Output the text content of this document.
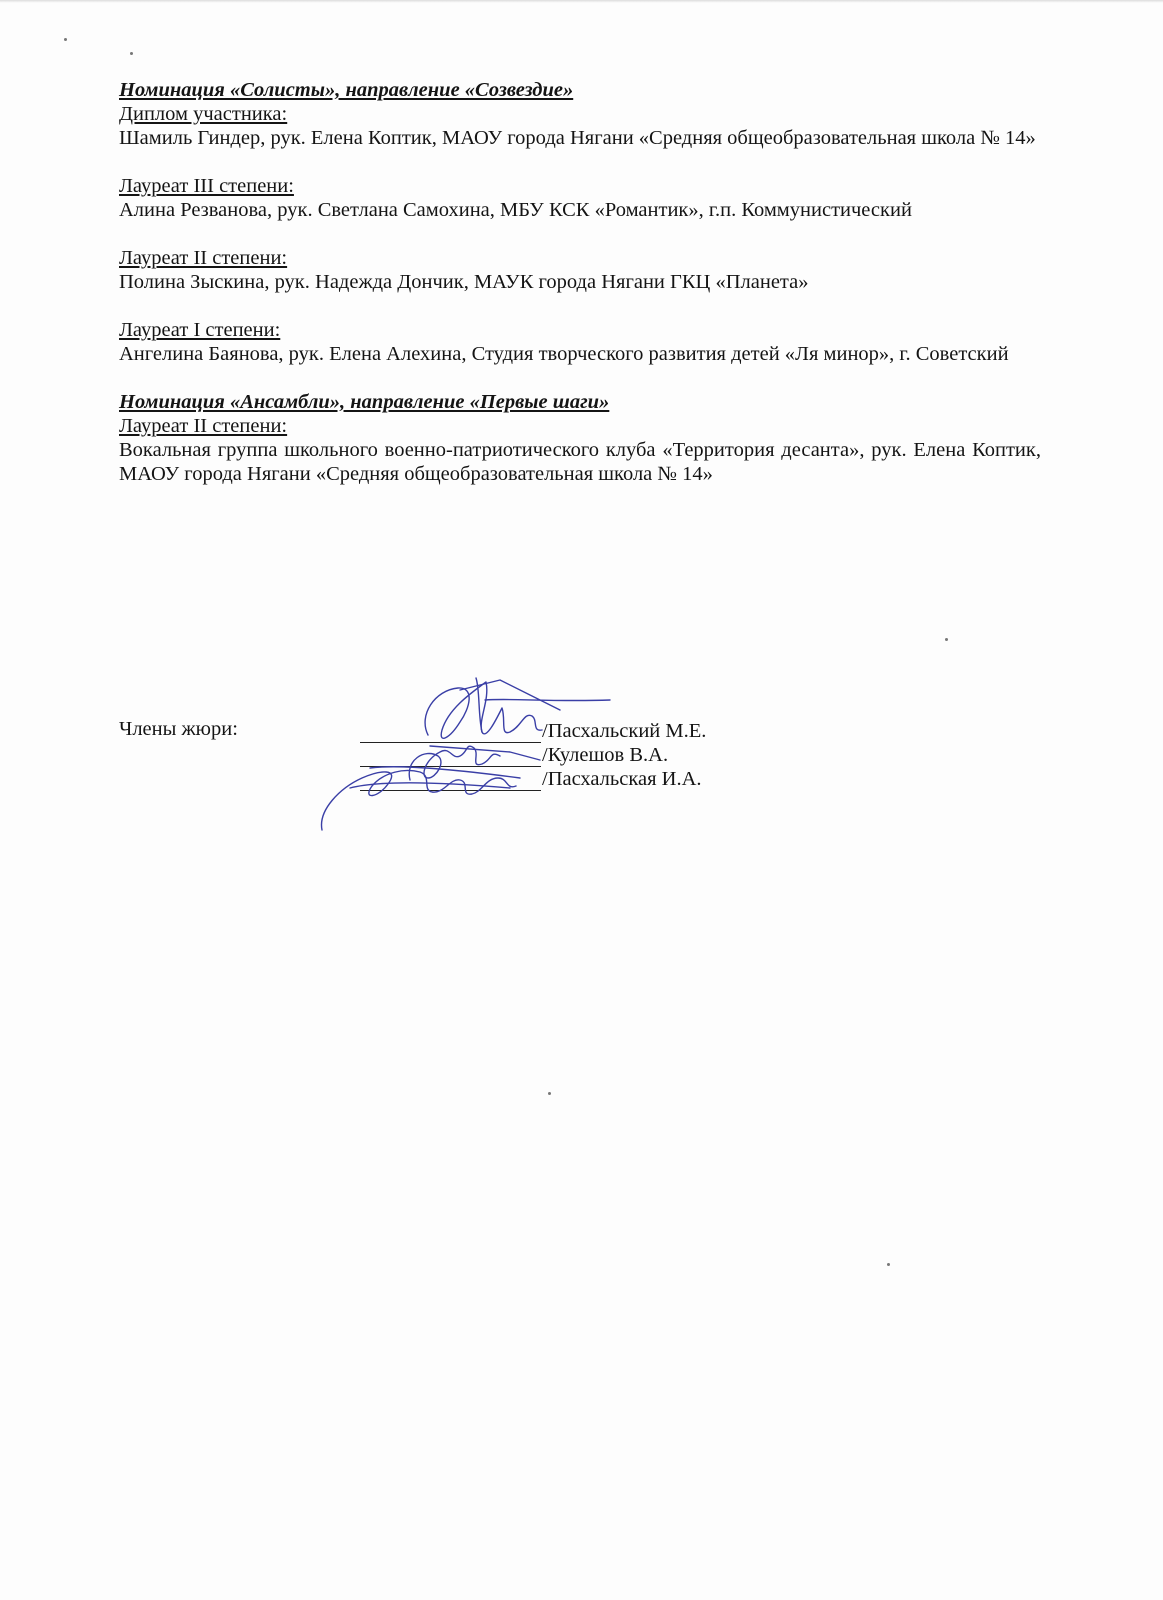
Номинация «Солисты», направление «Созвездие»

Диплом участника:

Шамиль Гиндер, рук. Елена Коптик, МАОУ города Нягани «Средняя общеобразовательная школа № 14»

Лауреат III степени:

Алина Резванова, рук. Светлана Самохина, МБУ КСК «Романтик», г.п. Коммунистический

Лауреат II степени:

Полина Зыскина, рук. Надежда Дончик, МАУК города Нягани ГКЦ «Планета»

Лауреат I степени:

Ангелина Баянова, рук. Елена Алехина, Студия творческого развития детей «Ля минор», г. Советский

Номинация «Ансамбли», направление «Первые шаги»

Лауреат II степени:

Вокальная группа школьного военно-патриотического клуба «Территория десанта», рук. Елена Коптик, МАОУ города Нягани «Средняя общеобразовательная школа № 14»

Члены жюри:	/Пасхальский М.Е.
/Кулешов В.А.
/Пасхальская И.А.
